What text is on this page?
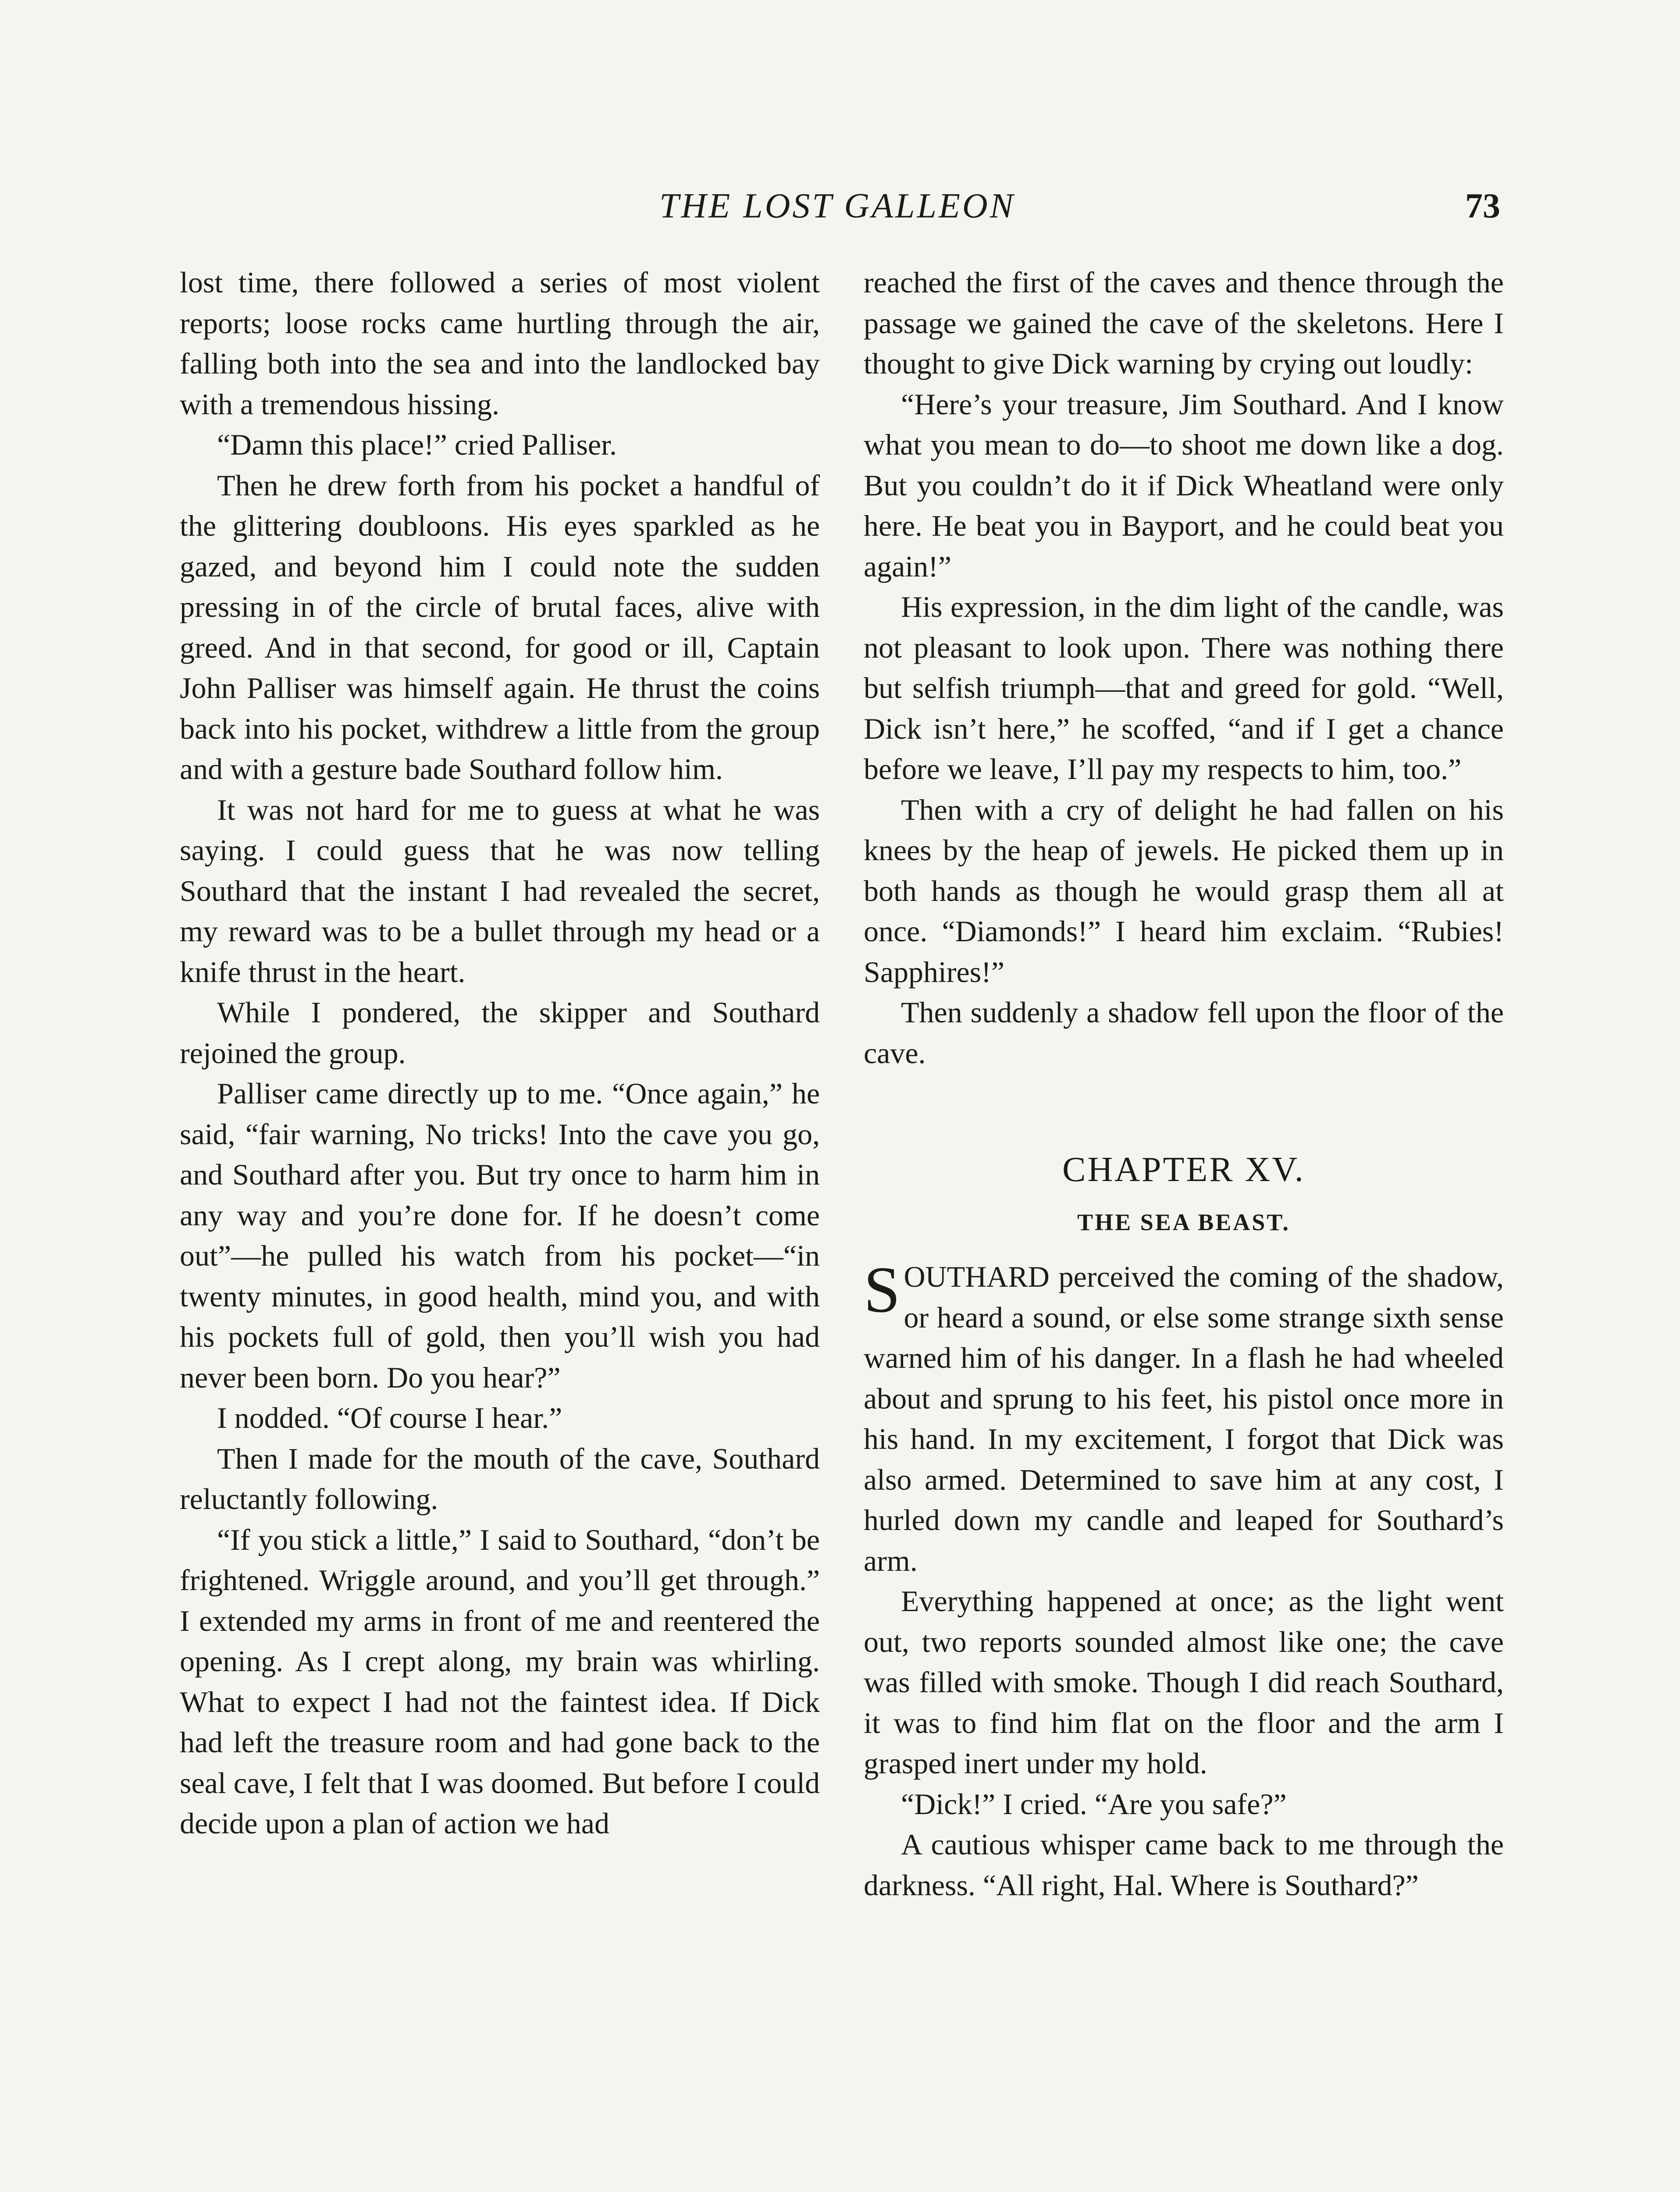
THE LOST GALLEON	73

lost time, there followed a series of most violent reports; loose rocks came hurtling through the air, falling both into the sea and into the landlocked bay with a tremendous hissing.

“Damn this place!” cried Palliser.

Then he drew forth from his pocket a handful of the glittering doubloons. His eyes sparkled as he gazed, and beyond him I could note the sudden pressing in of the circle of brutal faces, alive with greed. And in that second, for good or ill, Captain John Palliser was himself again. He thrust the coins back into his pocket, withdrew a little from the group and with a gesture bade Southard follow him.

It was not hard for me to guess at what he was saying. I could guess that he was now telling Southard that the instant I had revealed the secret, my reward was to be a bullet through my head or a knife thrust in the heart.

While I pondered, the skipper and Southard rejoined the group.

Palliser came directly up to me. “Once again,” he said, “fair warning, No tricks! Into the cave you go, and Southard after you. But try once to harm him in any way and you’re done for. If he doesn’t come out”—he pulled his watch from his pocket—“in twenty minutes, in good health, mind you, and with his pockets full of gold, then you’ll wish you had never been born. Do you hear?”

I nodded. “Of course I hear.”

Then I made for the mouth of the cave, Southard reluctantly following.

“If you stick a little,” I said to Southard, “don’t be frightened. Wriggle around, and you’ll get through.” I extended my arms in front of me and reentered the opening. As I crept along, my brain was whirling. What to expect I had not the faintest idea. If Dick had left the treasure room and had gone back to the seal cave, I felt that I was doomed. But before I could decide upon a plan of action we had

reached the first of the caves and thence through the passage we gained the cave of the skeletons. Here I thought to give Dick warning by crying out loudly:

“Here’s your treasure, Jim Southard. And I know what you mean to do—to shoot me down like a dog. But you couldn’t do it if Dick Wheatland were only here. He beat you in Bayport, and he could beat you again!”

His expression, in the dim light of the candle, was not pleasant to look upon. There was nothing there but selfish triumph—that and greed for gold. “Well, Dick isn’t here,” he scoffed, “and if I get a chance before we leave, I’ll pay my respects to him, too.”

Then with a cry of delight he had fallen on his knees by the heap of jewels. He picked them up in both hands as though he would grasp them all at once. “Diamonds!” I heard him exclaim. “Rubies! Sapphires!”

Then suddenly a shadow fell upon the floor of the cave.

CHAPTER XV.
THE SEA BEAST.

SOUTHARD perceived the coming of the shadow, or heard a sound, or else some strange sixth sense warned him of his danger. In a flash he had wheeled about and sprung to his feet, his pistol once more in his hand. In my excitement, I forgot that Dick was also armed. Determined to save him at any cost, I hurled down my candle and leaped for Southard’s arm.

Everything happened at once; as the light went out, two reports sounded almost like one; the cave was filled with smoke. Though I did reach Southard, it was to find him flat on the floor and the arm I grasped inert under my hold.

“Dick!” I cried. “Are you safe?”

A cautious whisper came back to me through the darkness. “All right, Hal. Where is Southard?”
